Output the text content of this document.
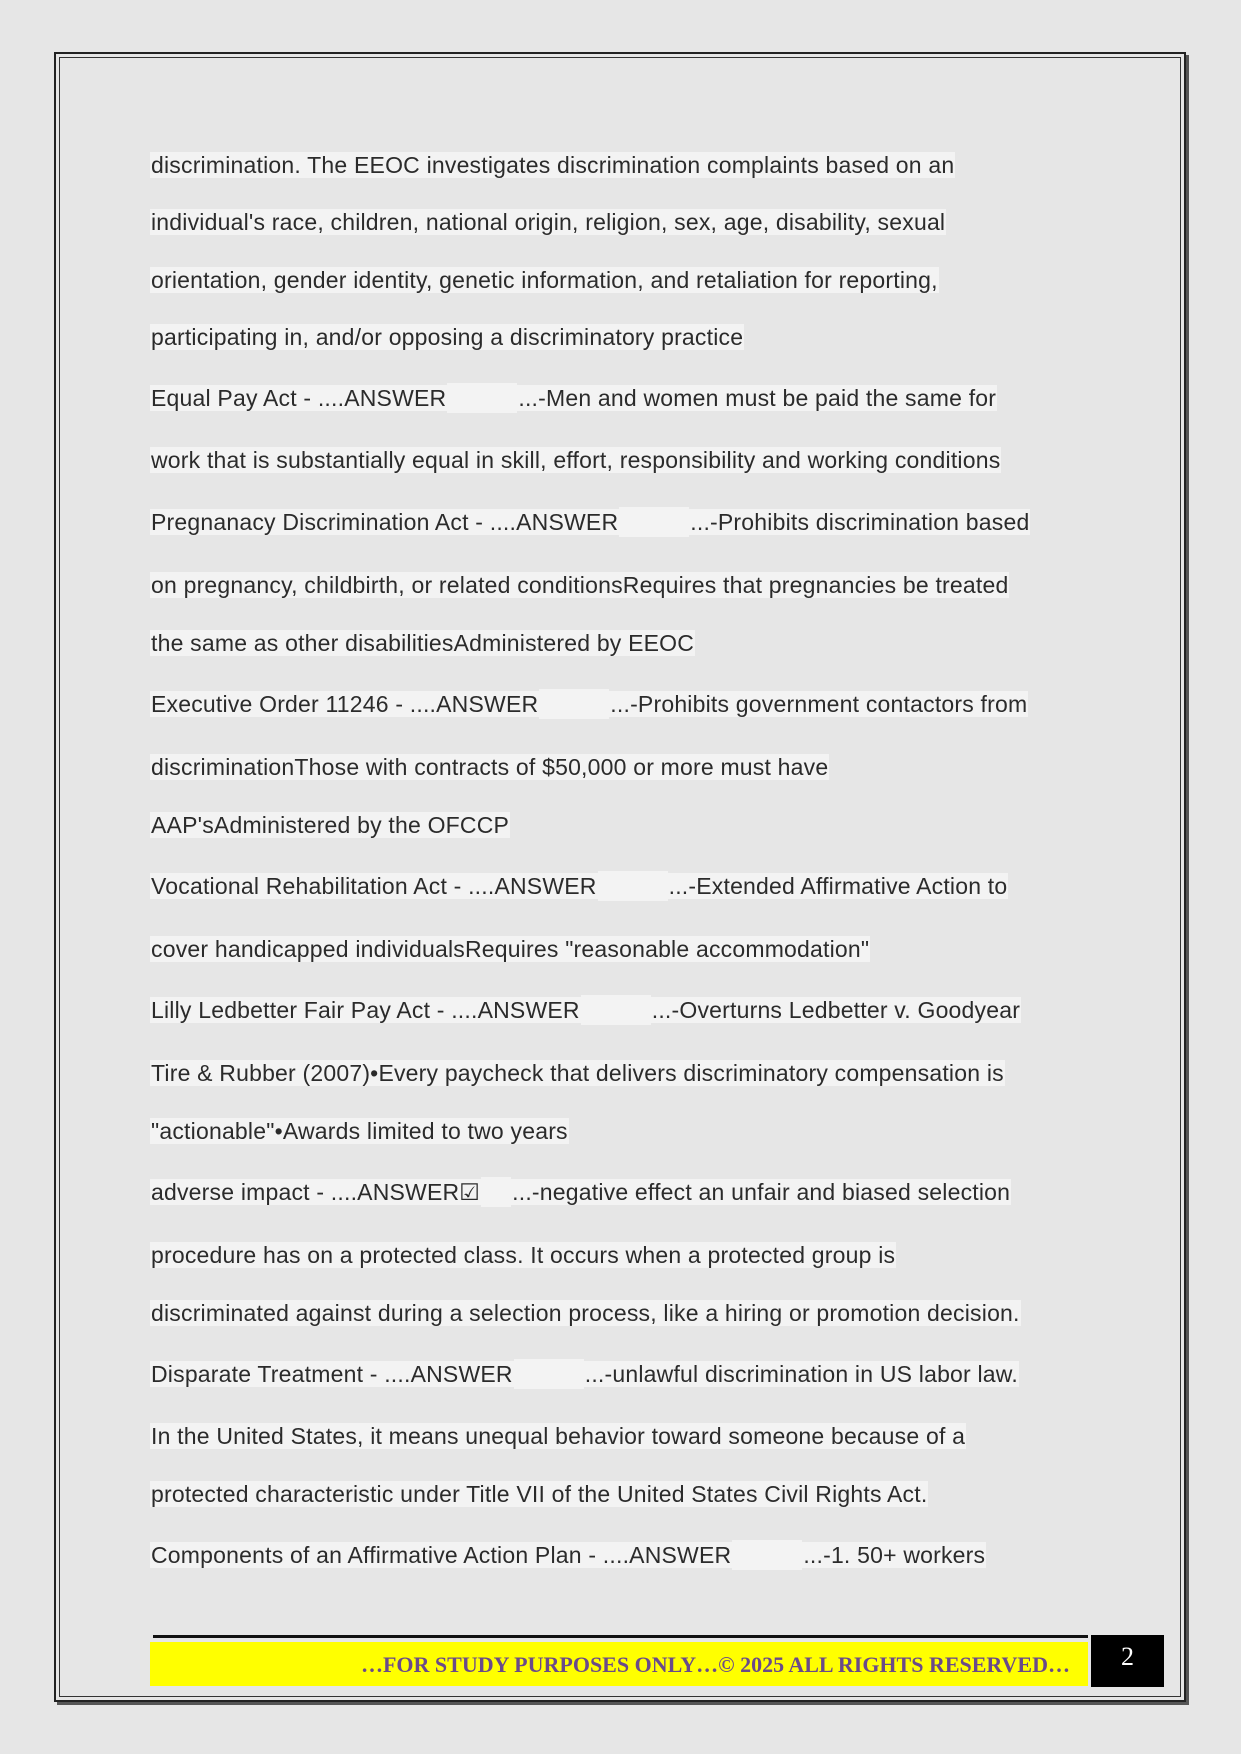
discrimination. The EEOC investigates discrimination complaints based on an
individual's race, children, national origin, religion, sex, age, disability, sexual
orientation, gender identity, genetic information, and retaliation for reporting,
participating in, and/or opposing a discriminatory practice
Equal Pay Act - ....ANSWER	...-Men and women must be paid the same for
work that is substantially equal in skill, effort, responsibility and working conditions
Pregnanacy Discrimination Act - ....ANSWER	...-Prohibits discrimination based
on pregnancy, childbirth, or related conditionsRequires that pregnancies be treated
the same as other disabilitiesAdministered by EEOC
Executive Order 11246 - ....ANSWER	...-Prohibits government contactors from
discriminationThose with contracts of $50,000 or more must have
AAP'sAdministered by the OFCCP
Vocational Rehabilitation Act - ....ANSWER	...-Extended Affirmative Action to
cover handicapped individualsRequires "reasonable accommodation"
Lilly Ledbetter Fair Pay Act - ....ANSWER	...-Overturns Ledbetter v. Goodyear
Tire & Rubber (2007)•Every paycheck that delivers discriminatory compensation is
"actionable"•Awards limited to two years
adverse impact - ....ANSWER☑ ...-negative effect an unfair and biased selection
procedure has on a protected class. It occurs when a protected group is
discriminated against during a selection process, like a hiring or promotion decision.
Disparate Treatment - ....ANSWER	...-unlawful discrimination in US labor law.
In the United States, it means unequal behavior toward someone because of a
protected characteristic under Title VII of the United States Civil Rights Act.
Components of an Affirmative Action Plan - ....ANSWER	...-1. 50+ workers
…FOR STUDY PURPOSES ONLY…© 2025 ALL RIGHTS RESERVED…	2
